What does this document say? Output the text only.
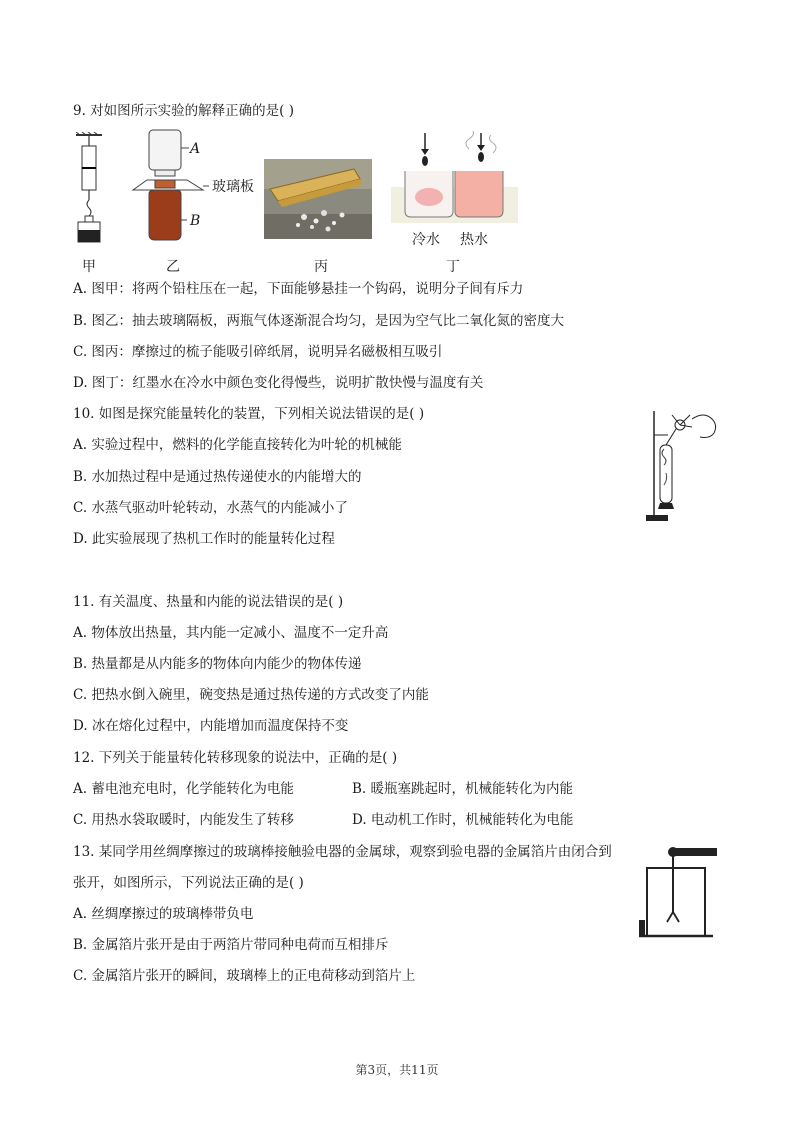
9. 对如图所示实验的解释正确的是( )
甲
A
玻璃板
B
乙	丙
冷水 热水
丁
A. 图甲：将两个铅柱压在一起，下面能够悬挂一个钩码，说明分子间有斥力
B. 图乙：抽去玻璃隔板，两瓶气体逐渐混合均匀，是因为空气比二氧化氮的密度大
C. 图丙：摩擦过的梳子能吸引碎纸屑，说明异名磁极相互吸引
D. 图丁：红墨水在冷水中颜色变化得慢些，说明扩散快慢与温度有关
10. 如图是探究能量转化的装置，下列相关说法错误的是( )
A. 实验过程中，燃料的化学能直接转化为叶轮的机械能
B. 水加热过程中是通过热传递使水的内能增大的
C. 水蒸气驱动叶轮转动，水蒸气的内能减小了
D. 此实验展现了热机工作时的能量转化过程
11. 有关温度、热量和内能的说法错误的是( )
A. 物体放出热量，其内能一定减小、温度不一定升高
B. 热量都是从内能多的物体向内能少的物体传递
C. 把热水倒入碗里，碗变热是通过热传递的方式改变了内能
D. 冰在熔化过程中，内能增加而温度保持不变
12. 下列关于能量转化转移现象的说法中，正确的是( )
A. 蓄电池充电时，化学能转化为电能	B. 暖瓶塞跳起时，机械能转化为内能
C. 用热水袋取暖时，内能发生了转移	D. 电动机工作时，机械能转化为电能
13. 某同学用丝绸摩擦过的玻璃棒接触验电器的金属球，观察到验电器的金属箔片由闭合到
张开，如图所示，下列说法正确的是( )
A. 丝绸摩擦过的玻璃棒带负电
B. 金属箔片张开是由于两箔片带同种电荷而互相排斥
C. 金属箔片张开的瞬间，玻璃棒上的正电荷移动到箔片上
第3页，共11页
